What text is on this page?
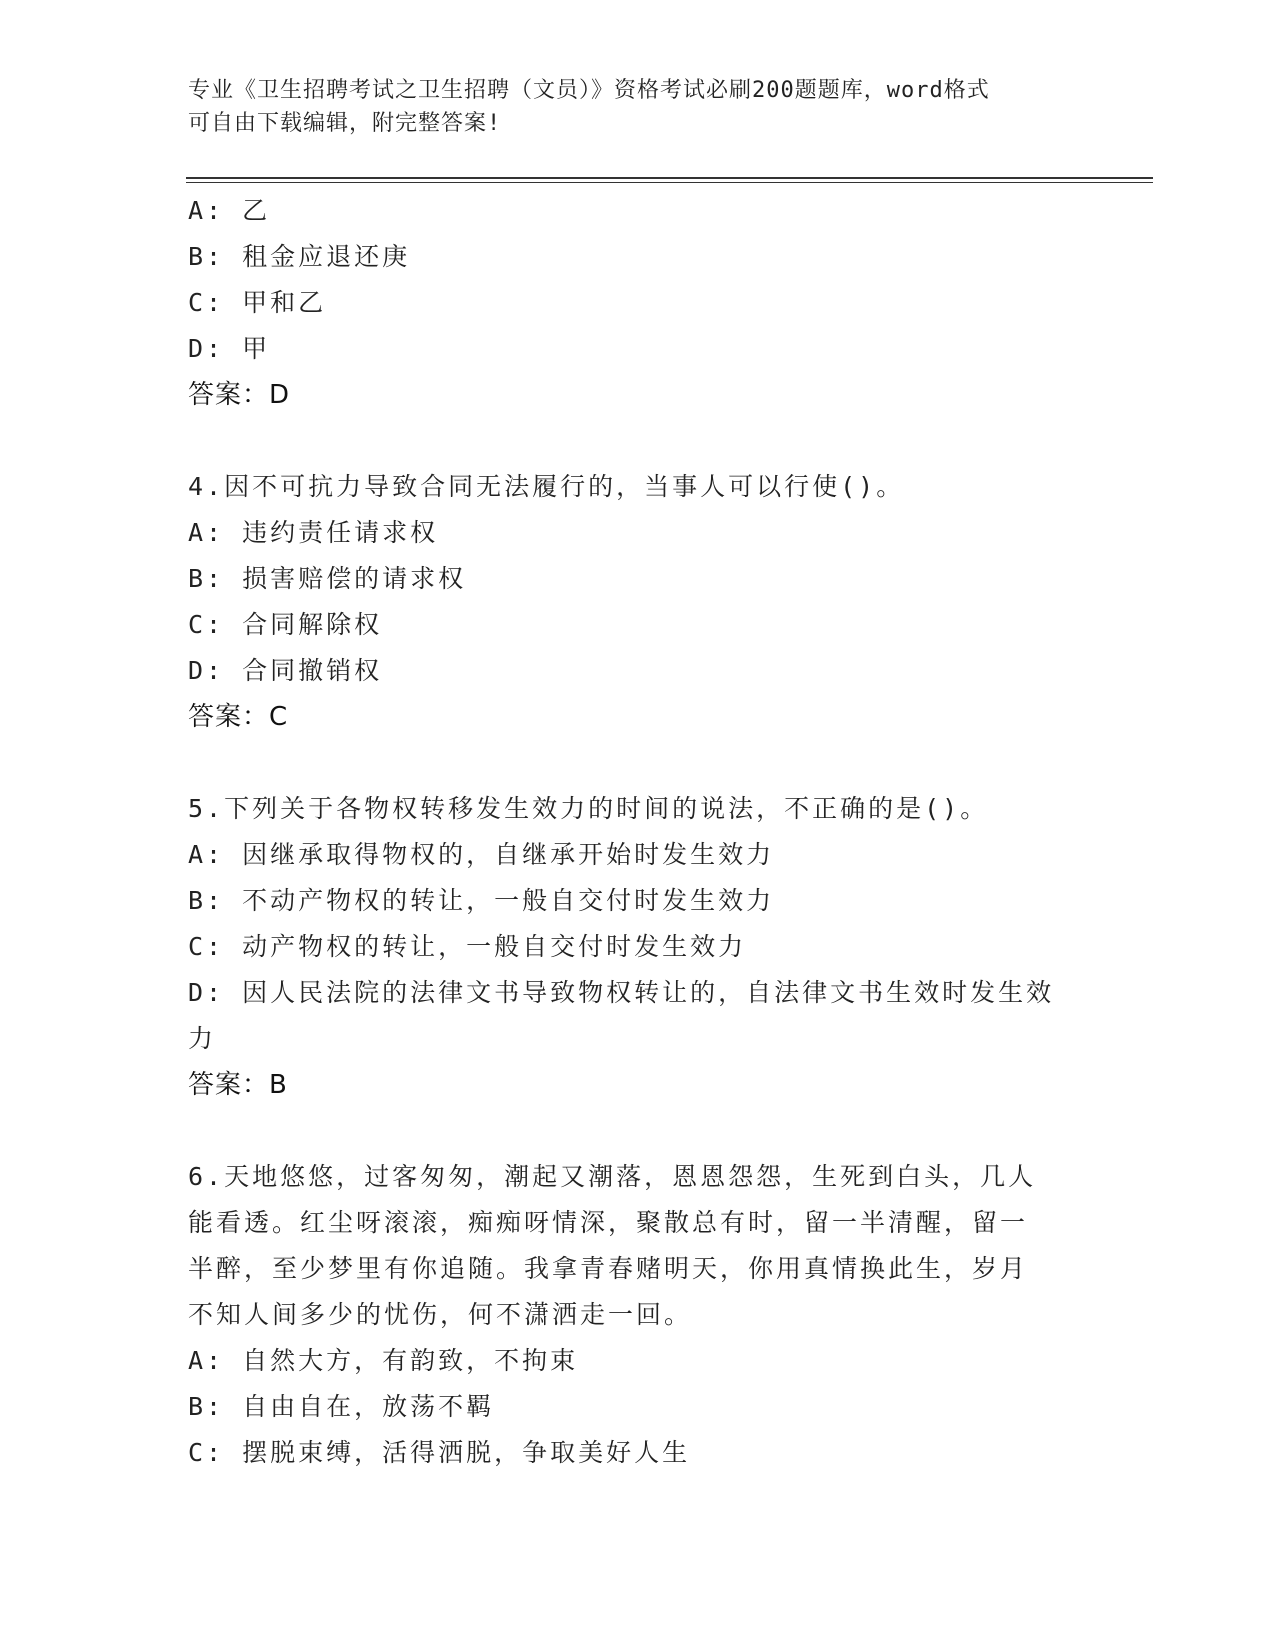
专业《卫生招聘考试之卫生招聘（文员）》资格考试必刷200题题库，word格式
可自由下载编辑，附完整答案!
A: 乙
B: 租金应退还庚
C: 甲和乙
D: 甲
答案：D
4.因不可抗力导致合同无法履行的，当事人可以行使()。
A: 违约责任请求权
B: 损害赔偿的请求权
C: 合同解除权
D: 合同撤销权
答案：C
5.下列关于各物权转移发生效力的时间的说法，不正确的是()。
A: 因继承取得物权的，自继承开始时发生效力
B: 不动产物权的转让，一般自交付时发生效力
C: 动产物权的转让，一般自交付时发生效力
D: 因人民法院的法律文书导致物权转让的，自法律文书生效时发生效
力
答案：B
6.天地悠悠，过客匆匆，潮起又潮落，恩恩怨怨，生死到白头，几人
能看透。红尘呀滚滚，痴痴呀情深，聚散总有时，留一半清醒，留一
半醉，至少梦里有你追随。我拿青春赌明天，你用真情换此生，岁月
不知人间多少的忧伤，何不潇洒走一回。
A: 自然大方，有韵致，不拘束
B: 自由自在，放荡不羁
C: 摆脱束缚，活得洒脱，争取美好人生
